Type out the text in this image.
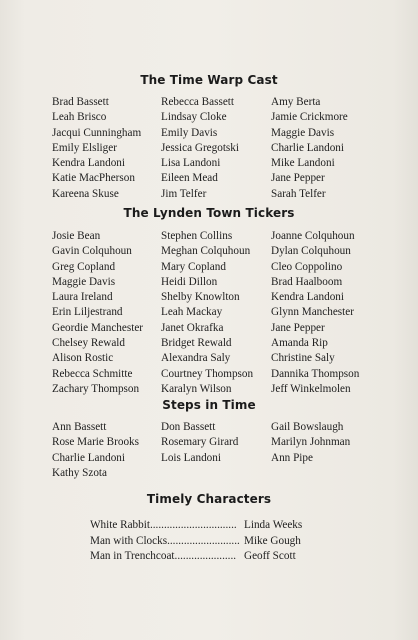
The Time Warp Cast
Brad Bassett
Leah Brisco
Jacqui Cunningham
Emily Elsliger
Kendra Landoni
Katie MacPherson
Kareena Skuse
Rebecca Bassett
Lindsay Cloke
Emily Davis
Jessica Gregotski
Lisa Landoni
Eileen Mead
Jim Telfer
Amy Berta
Jamie Crickmore
Maggie Davis
Charlie Landoni
Mike Landoni
Jane Pepper
Sarah Telfer
The Lynden Town Tickers
Josie Bean
Gavin Colquhoun
Greg Copland
Maggie Davis
Laura Ireland
Erin Liljestrand
Geordie Manchester
Chelsey Rewald
Alison Rostic
Rebecca Schmitte
Zachary Thompson
Stephen Collins
Meghan Colquhoun
Mary Copland
Heidi Dillon
Shelby Knowlton
Leah Mackay
Janet Okrafka
Bridget Rewald
Alexandra Saly
Courtney Thompson
Karalyn Wilson
Joanne Colquhoun
Dylan Colquhoun
Cleo Coppolino
Brad Haalboom
Kendra Landoni
Glynn Manchester
Jane Pepper
Amanda Rip
Christine Saly
Dannika Thompson
Jeff Winkelmolen
Steps in Time
Ann Bassett
Rose Marie Brooks
Charlie Landoni
Kathy Szota
Don Bassett
Rosemary Girard
Lois Landoni
Gail Bowslaugh
Marilyn Johnman
Ann Pipe
Timely Characters
White Rabbit............................... Linda Weeks
Man with Clocks.......................... Mike Gough
Man in Trenchcoat...................... Geoff Scott
